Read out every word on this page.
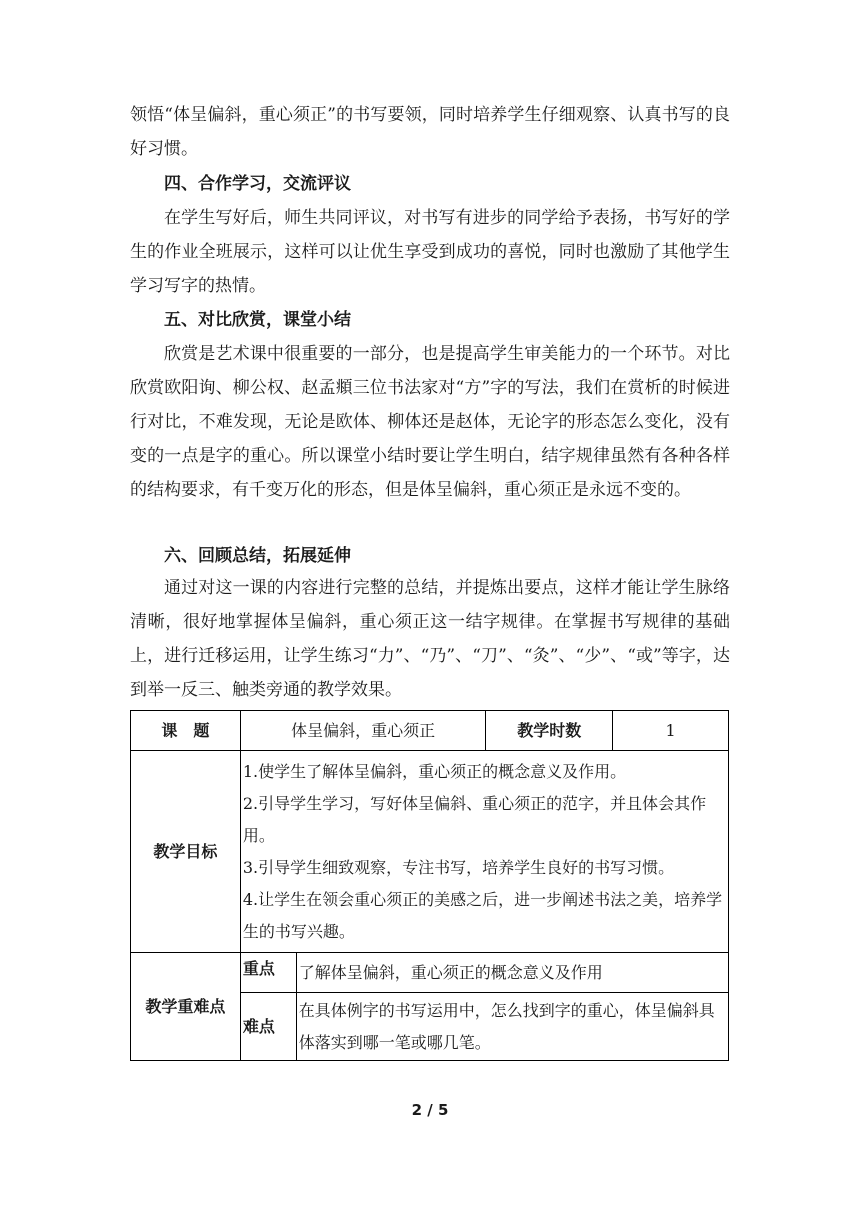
领悟“体呈偏斜，重心须正”的书写要领，同时培养学生仔细观察、认真书写的良好习惯。

四、合作学习，交流评议

在学生写好后，师生共同评议，对书写有进步的同学给予表扬，书写好的学生的作业全班展示，这样可以让优生享受到成功的喜悦，同时也激励了其他学生学习写字的热情。

五、对比欣赏，课堂小结

欣赏是艺术课中很重要的一部分，也是提高学生审美能力的一个环节。对比欣赏欧阳询、柳公权、赵孟頫三位书法家对“方”字的写法，我们在赏析的时候进行对比，不难发现，无论是欧体、柳体还是赵体，无论字的形态怎么变化，没有变的一点是字的重心。所以课堂小结时要让学生明白，结字规律虽然有各种各样的结构要求，有千变万化的形态，但是体呈偏斜，重心须正是永远不变的。

六、回顾总结，拓展延伸

通过对这一课的内容进行完整的总结，并提炼出要点，这样才能让学生脉络清晰，很好地掌握体呈偏斜，重心须正这一结字规律。在掌握书写规律的基础上，进行迁移运用，让学生练习“力”、“乃”、“刀”、“灸”、“少”、“或”等字，达到举一反三、触类旁通的教学效果。

课　题	体呈偏斜，重心须正		教学时数	1
教学目标	1.使学生了解体呈偏斜，重心须正的概念意义及作用。
2.引导学生学习，写好体呈偏斜、重心须正的范字，并且体会其作用。
3.引导学生细致观察，专注书写，培养学生良好的书写习惯。
4.让学生在领会重心须正的美感之后，进一步阐述书法之美，培养学生的书写兴趣。			

教学重难点	重点	了解体呈偏斜，重心须正的概念意义及作用		
	难点	在具体例字的书写运用中，怎么找到字的重心，体呈偏斜具体落实到哪一笔或哪几笔。		
2 / 5
